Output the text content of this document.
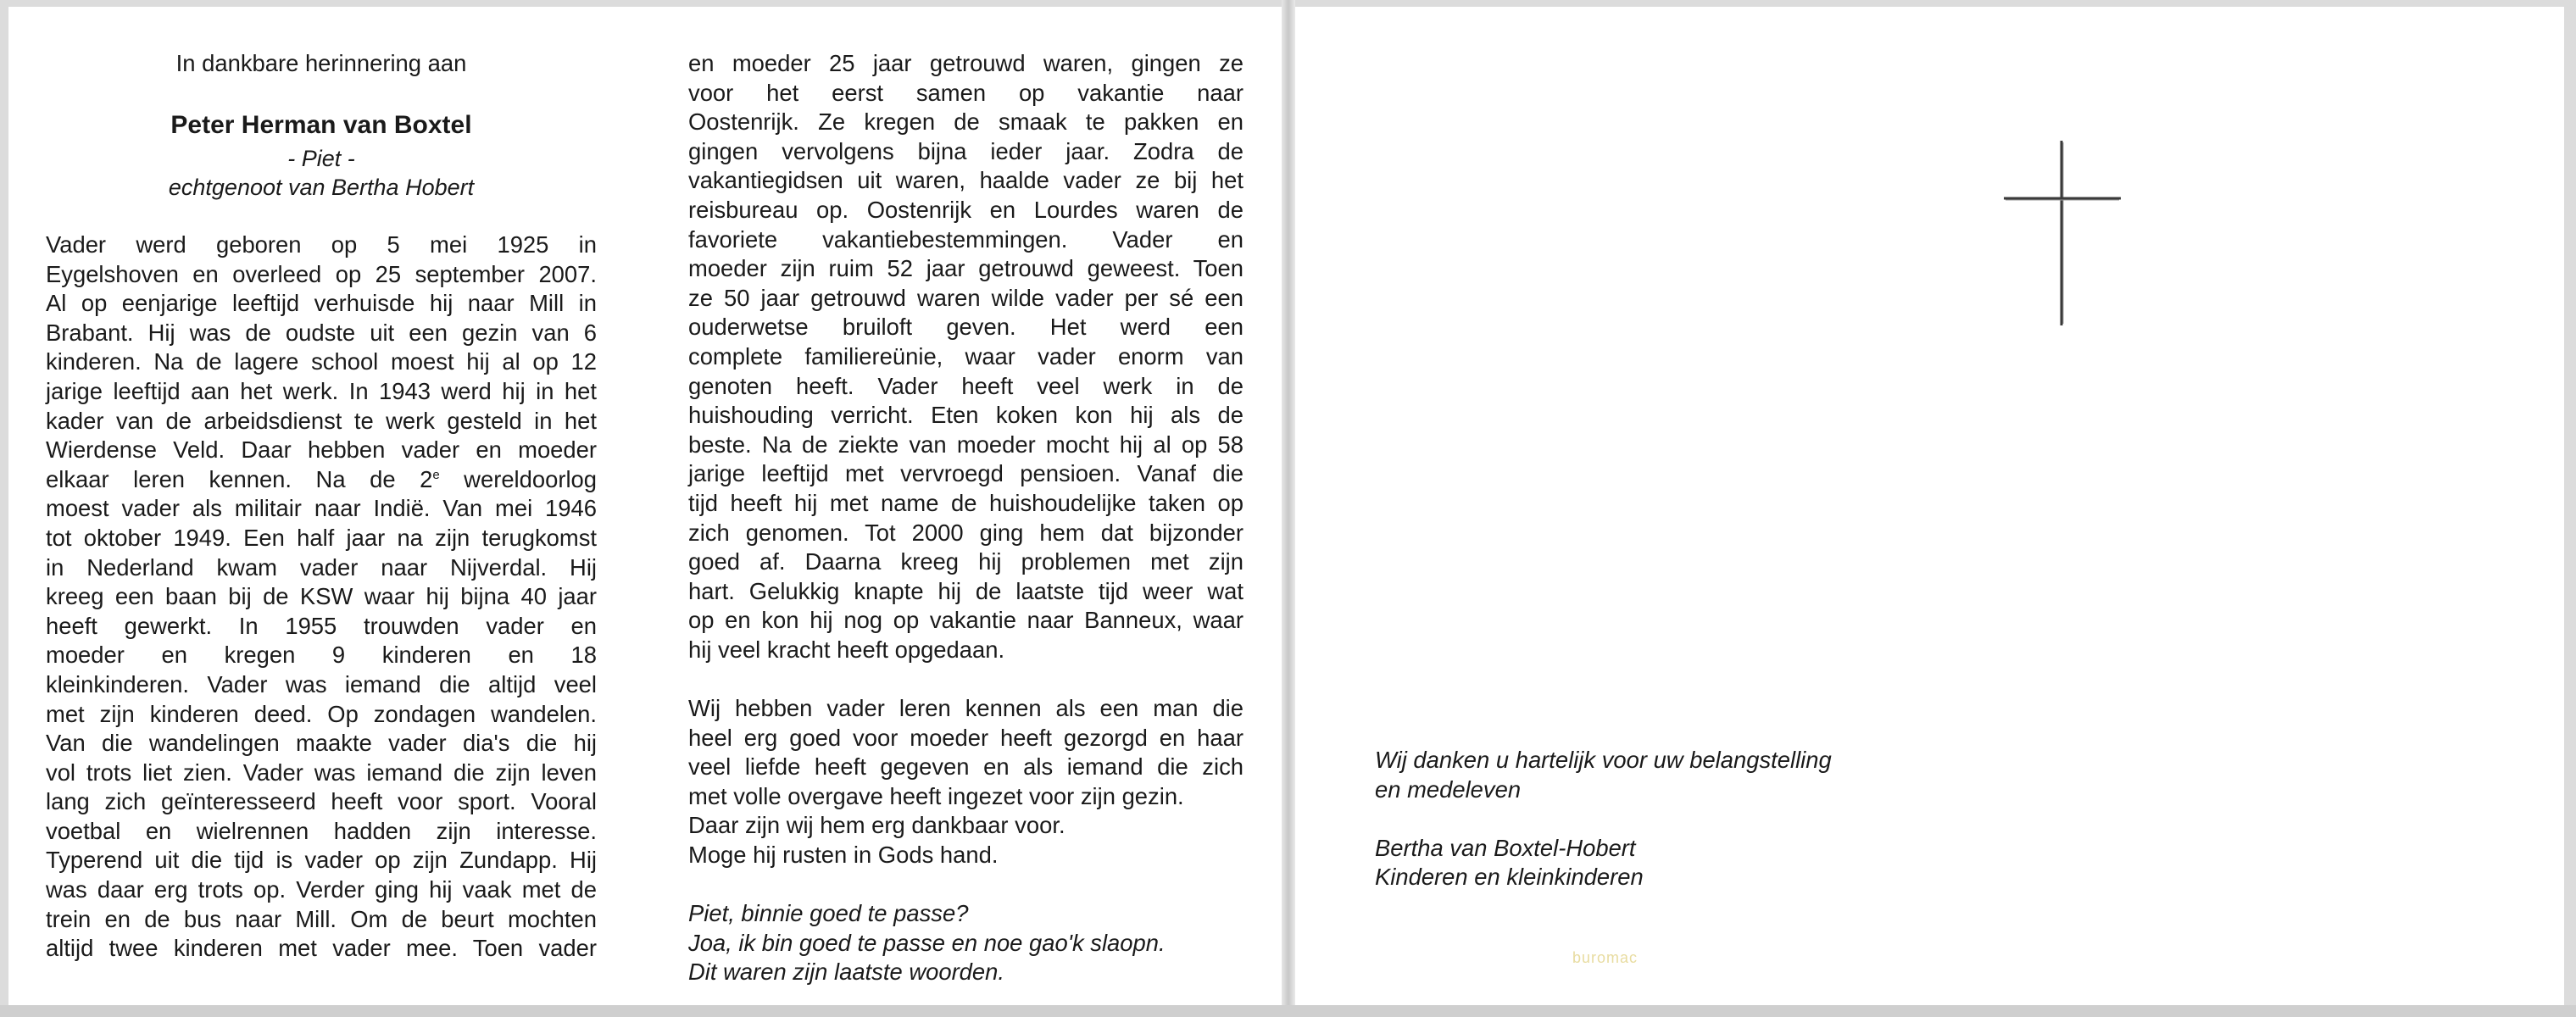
In dankbare herinnering aan
Peter Herman van Boxtel
- Piet -
echtgenoot van Bertha Hobert

Vader werd geboren op 5 mei 1925 in

Eygelshoven en overleed op 25 september 2007.

Al op eenjarige leeftijd verhuisde hij naar Mill in

Brabant. Hij was de oudste uit een gezin van 6

kinderen. Na de lagere school moest hij al op 12

jarige leeftijd aan het werk. In 1943 werd hij in het

kader van de arbeidsdienst te werk gesteld in het

Wierdense Veld. Daar hebben vader en moeder

elkaar leren kennen. Na de 2e wereldoorlog

moest vader als militair naar Indië. Van mei 1946

tot oktober 1949. Een half jaar na zijn terugkomst

in Nederland kwam vader naar Nijverdal. Hij

kreeg een baan bij de KSW waar hij bijna 40 jaar

heeft gewerkt. In 1955 trouwden vader en

moeder en kregen 9 kinderen en 18

kleinkinderen. Vader was iemand die altijd veel

met zijn kinderen deed. Op zondagen wandelen.

Van die wandelingen maakte vader dia's die hij

vol trots liet zien. Vader was iemand die zijn leven

lang zich geïnteresseerd heeft voor sport. Vooral

voetbal en wielrennen hadden zijn interesse.

Typerend uit die tijd is vader op zijn Zundapp. Hij

was daar erg trots op. Verder ging hij vaak met de

trein en de bus naar Mill. Om de beurt mochten

altijd twee kinderen met vader mee. Toen vader

en moeder 25 jaar getrouwd waren, gingen ze

voor het eerst samen op vakantie naar

Oostenrijk. Ze kregen de smaak te pakken en

gingen vervolgens bijna ieder jaar. Zodra de

vakantiegidsen uit waren, haalde vader ze bij het

reisbureau op. Oostenrijk en Lourdes waren de

favoriete vakantiebestemmingen. Vader en

moeder zijn ruim 52 jaar getrouwd geweest. Toen

ze 50 jaar getrouwd waren wilde vader per sé een

ouderwetse bruiloft geven. Het werd een

complete familiereünie, waar vader enorm van

genoten heeft. Vader heeft veel werk in de

huishouding verricht. Eten koken kon hij als de

beste. Na de ziekte van moeder mocht hij al op 58

jarige leeftijd met vervroegd pensioen. Vanaf die

tijd heeft hij met name de huishoudelijke taken op

zich genomen. Tot 2000 ging hem dat bijzonder

goed af. Daarna kreeg hij problemen met zijn

hart. Gelukkig knapte hij de laatste tijd weer wat

op en kon hij nog op vakantie naar Banneux, waar

hij veel kracht heeft opgedaan.

Wij hebben vader leren kennen als een man die

heel erg goed voor moeder heeft gezorgd en haar

veel liefde heeft gegeven en als iemand die zich

met volle overgave heeft ingezet voor zijn gezin.

Daar zijn wij hem erg dankbaar voor.

Moge hij rusten in Gods hand.

Piet, binnie goed te passe?

Joa, ik bin goed te passe en noe gao'k slaopn.

Dit waren zijn laatste woorden.

Wij danken u hartelijk voor uw belangstelling

en medeleven

Bertha van Boxtel-Hobert

Kinderen en kleinkinderen

buromac
